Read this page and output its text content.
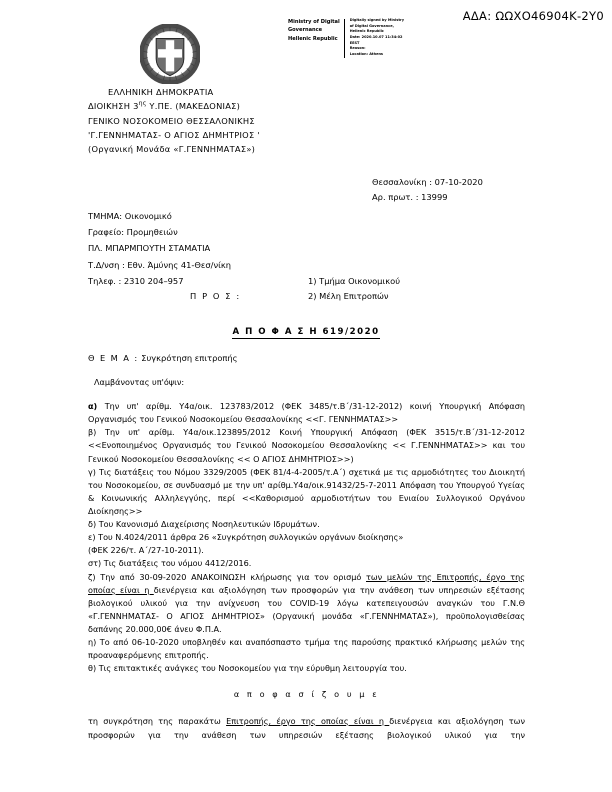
ΑΔΑ: ΩΩΧΟ46904Κ-2Υ0
Ministry of Digital
Governance
Hellenic Republic
Digitally signed by Ministry
of Digital Governance,
Hellenic Republic
Date: 2020.10.07 11:34:02
EEST
Reason:
Location: Athens
ΕΛΛΗΝΙΚΗ ΔΗΜΟΚΡΑΤΙΑ
ΔΙΟΙΚΗΣΗ $3^{\eta\varsigma}$ Υ.ΠΕ. (ΜΑΚΕΔΟΝΙΑΣ)
ΓΕΝΙΚΟ ΝΟΣΟΚΟΜΕΙΟ ΘΕΣΣΑΛΟΝΙΚΗΣ
'Γ.ΓΕΝΝΗΜΑΤΑΣ- Ο ΑΓΙΟΣ ΔΗΜΗΤΡΙΟΣ '
(Οργανική Μονάδα «Γ.ΓΕΝΝΗΜΑΤΑΣ»)
Θεσσαλονίκη : 07-10-2020
Αρ. πρωτ. : 13999
ΤΜΗΜΑ: Οικονομικό
Γραφείο: Προμηθειών
ΠΛ. ΜΠΑΡΜΠΟΥΤΗ ΣΤΑΜΑΤΙΑ
Τ.Δ/νση : Εθν. Άμύνης 41-Θεσ/νίκη
Τηλεφ. : 2310 204–957	1) Τμήμα Οικονομικού
Π Ρ Ο Σ :	2) Μέλη Επιτροπών
Α Π Ο Φ Α Σ Η 619/2020
Θ Ε Μ Α : Συγκρότηση επιτροπής
Λαμβάνοντας υπ'όψιν:
α) Την υπ' αρίθμ. Υ4α/οικ. 123783/2012 (ΦΕΚ 3485/τ.Β΄/31-12-2012) κοινή Υπουργική Απόφαση Οργανισμός του Γενικού Νοσοκομείου Θεσσαλονίκης <<Γ. ΓΕΝΝΗΜΑΤΑΣ>>
β) Την υπ' αρίθμ. Υ4α/οικ.123895/2012 Κοινή Υπουργική Απόφαση (ΦΕΚ 3515/τ.Β΄/31-12-2012 <<Ενοποιημένος Οργανισμός του Γενικού Νοσοκομείου Θεσσαλονίκης << Γ.ΓΕΝΝΗΜΑΤΑΣ>> και του Γενικού Νοσοκομείου Θεσσαλονίκης << Ο ΑΓΙΟΣ ΔΗΜΗΤΡΙΟΣ>>)
γ) Τις διατάξεις του Νόμου 3329/2005 (ΦΕΚ 81/4-4-2005/τ.Α΄) σχετικά με τις αρμοδιότητες του Διοικητή του Νοσοκομείου, σε συνδυασμό με την υπ' αρίθμ.Υ4α/οικ.91432/25-7-2011 Απόφαση του Υπουργού Υγείας & Κοινωνικής Αλληλεγγύης, περί <<Καθορισμού αρμοδιοτήτων του Ενιαίου Συλλογικού Οργάνου Διοίκησης>>
δ) Του Κανονισμό Διαχείρισης Νοσηλευτικών Ιδρυμάτων.
ε) Του Ν.4024/2011 άρθρα 26 «Συγκρότηση συλλογικών οργάνων διοίκησης»
(ΦΕΚ 226/τ. Α΄/27-10-2011).
στ) Τις διατάξεις του νόμου 4412/2016.
ζ) Την από 30-09-2020 ΑΝΑΚΟΙΝΩΣΗ κλήρωσης για τον ορισμό των μελών της Επιτροπής, έργο της οποίας είναι η διενέργεια και αξιολόγηση των προσφορών για την ανάθεση των υπηρεσιών εξέτασης βιολογικού υλικού για την ανίχνευση του COVID-19 λόγω κατεπειγουσών αναγκών του Γ.Ν.Θ «Γ.ΓΕΝΝΗΜΑΤΑΣ- Ο ΑΓΙΟΣ ΔΗΜΗΤΡΙΟΣ» (Οργανική μονάδα «Γ.ΓΕΝΝΗΜΑΤΑΣ»), προϋπολογισθείσας δαπάνης 20.000,00€ άνευ Φ.Π.Α.
η) Το από 06-10-2020 υποβληθέν και αναπόσπαστο τμήμα της παρούσης πρακτικό κλήρωσης μελών της προαναφερόμενης επιτροπής.
θ) Τις επιτακτικές ανάγκες του Νοσοκομείου για την εύρυθμη λειτουργία του.
α π ο φ α σ ί ζ ο υ μ ε
τη συγκρότηση της παρακάτω Επιτροπής, έργο της οποίας είναι η διενέργεια και αξιολόγηση των προσφορών για την ανάθεση των υπηρεσιών εξέτασης βιολογικού υλικού για την
